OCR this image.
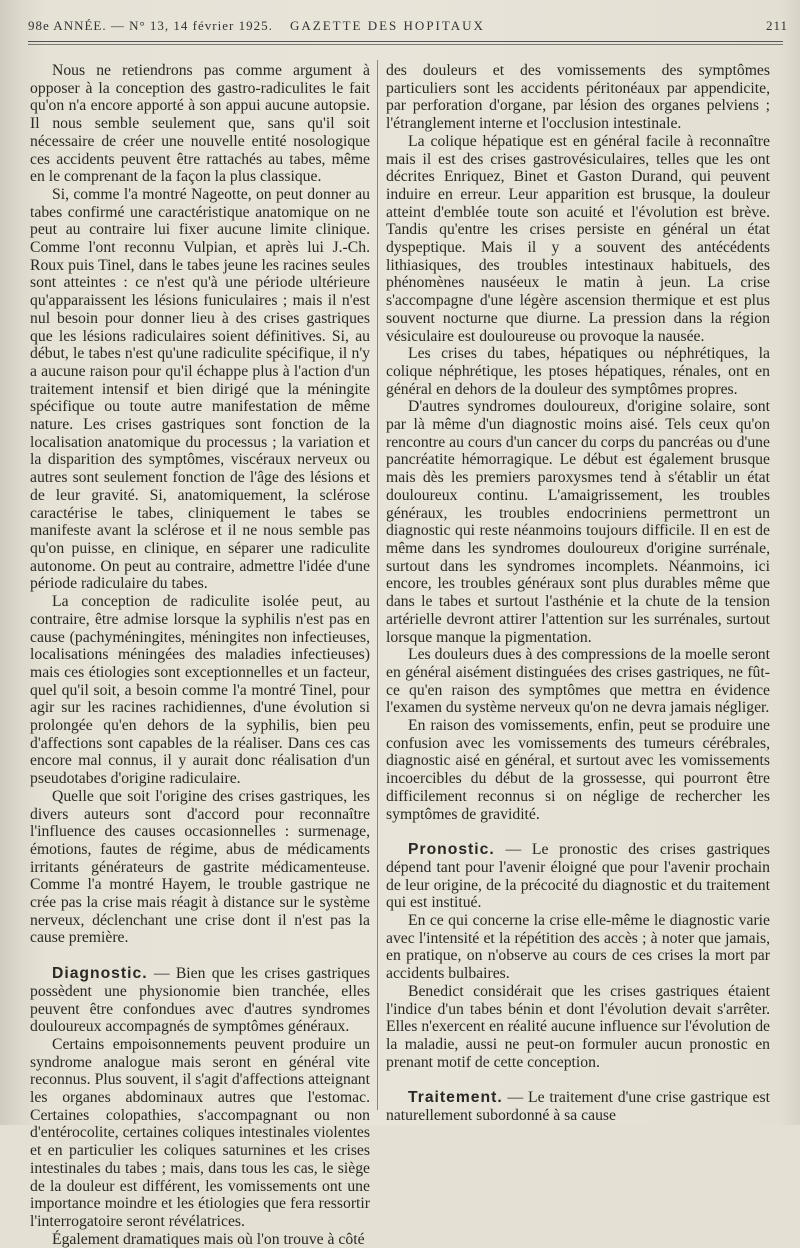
98e ANNÉE. — N° 13, 14 février 1925. GAZETTE DES HOPITAUX	211

Nous ne retiendrons pas comme argument à opposer à la conception des gastro-radiculites le fait qu'on n'a encore apporté à son appui aucune autopsie. Il nous semble seulement que, sans qu'il soit nécessaire de créer une nouvelle entité nosologique ces accidents peuvent être rattachés au tabes, même en le comprenant de la façon la plus classique.

Si, comme l'a montré Nageotte, on peut donner au tabes confirmé une caractéristique anatomique on ne peut au contraire lui fixer aucune limite clinique. Comme l'ont reconnu Vulpian, et après lui J.-Ch. Roux puis Tinel, dans le tabes jeune les racines seules sont atteintes : ce n'est qu'à une période ultérieure qu'apparaissent les lésions funiculaires ; mais il n'est nul besoin pour donner lieu à des crises gastriques que les lésions radiculaires soient définitives. Si, au début, le tabes n'est qu'une radiculite spécifique, il n'y a aucune raison pour qu'il échappe plus à l'action d'un traitement intensif et bien dirigé que la méningite spécifique ou toute autre manifestation de même nature. Les crises gastriques sont fonction de la localisation anatomique du processus ; la variation et la disparition des symptômes, viscéraux nerveux ou autres sont seulement fonction de l'âge des lésions et de leur gravité. Si, anatomiquement, la sclérose caractérise le tabes, cliniquement le tabes se manifeste avant la sclérose et il ne nous semble pas qu'on puisse, en clinique, en séparer une radiculite autonome. On peut au contraire, admettre l'idée d'une période radiculaire du tabes.

La conception de radiculite isolée peut, au contraire, être admise lorsque la syphilis n'est pas en cause (pachyméningites, méningites non infectieuses, localisations méningées des maladies infectieuses) mais ces étiologies sont exceptionnelles et un facteur, quel qu'il soit, a besoin comme l'a montré Tinel, pour agir sur les racines rachidiennes, d'une évolution si prolongée qu'en dehors de la syphilis, bien peu d'affections sont capables de la réaliser. Dans ces cas encore mal connus, il y aurait donc réalisation d'un pseudotabes d'origine radiculaire.

Quelle que soit l'origine des crises gastriques, les divers auteurs sont d'accord pour reconnaître l'influence des causes occasionnelles : surmenage, émotions, fautes de régime, abus de médicaments irritants générateurs de gastrite médicamenteuse. Comme l'a montré Hayem, le trouble gastrique ne crée pas la crise mais réagit à distance sur le système nerveux, déclenchant une crise dont il n'est pas la cause première.

Diagnostic. — Bien que les crises gastriques possèdent une physionomie bien tranchée, elles peuvent être confondues avec d'autres syndromes douloureux accompagnés de symptômes généraux.

Certains empoisonnements peuvent produire un syndrome analogue mais seront en général vite reconnus. Plus souvent, il s'agit d'affections atteignant les organes abdominaux autres que l'estomac. Certaines colopathies, s'accompagnant ou non d'entérocolite, certaines coliques intestinales violentes et en particulier les coliques saturnines et les crises intestinales du tabes ; mais, dans tous les cas, le siège de la douleur est différent, les vomissements ont une importance moindre et les étiologies que fera ressortir l'interrogatoire seront révélatrices.

Également dramatiques mais où l'on trouve à côté

des douleurs et des vomissements des symptômes particuliers sont les accidents péritonéaux par appendicite, par perforation d'organe, par lésion des organes pelviens ; l'étranglement interne et l'occlusion intestinale.

La colique hépatique est en général facile à reconnaître mais il est des crises gastrovésiculaires, telles que les ont décrites Enriquez, Binet et Gaston Durand, qui peuvent induire en erreur. Leur apparition est brusque, la douleur atteint d'emblée toute son acuité et l'évolution est brève. Tandis qu'entre les crises persiste en général un état dyspeptique. Mais il y a souvent des antécédents lithiasiques, des troubles intestinaux habituels, des phénomènes nauséeux le matin à jeun. La crise s'accompagne d'une légère ascension thermique et est plus souvent nocturne que diurne. La pression dans la région vésiculaire est douloureuse ou provoque la nausée.

Les crises du tabes, hépatiques ou néphrétiques, la colique néphrétique, les ptoses hépatiques, rénales, ont en général en dehors de la douleur des symptômes propres.

D'autres syndromes douloureux, d'origine solaire, sont par là même d'un diagnostic moins aisé. Tels ceux qu'on rencontre au cours d'un cancer du corps du pancréas ou d'une pancréatite hémorragique. Le début est également brusque mais dès les premiers paroxysmes tend à s'établir un état douloureux continu. L'amaigrissement, les troubles généraux, les troubles endocriniens permettront un diagnostic qui reste néanmoins toujours difficile. Il en est de même dans les syndromes douloureux d'origine surrénale, surtout dans les syndromes incomplets. Néanmoins, ici encore, les troubles généraux sont plus durables même que dans le tabes et surtout l'asthénie et la chute de la tension artérielle devront attirer l'attention sur les surrénales, surtout lorsque manque la pigmentation.

Les douleurs dues à des compressions de la moelle seront en général aisément distinguées des crises gastriques, ne fût-ce qu'en raison des symptômes que mettra en évidence l'examen du système nerveux qu'on ne devra jamais négliger.

En raison des vomissements, enfin, peut se produire une confusion avec les vomissements des tumeurs cérébrales, diagnostic aisé en général, et surtout avec les vomissements incoercibles du début de la grossesse, qui pourront être difficilement reconnus si on néglige de rechercher les symptômes de gravidité.

Pronostic. — Le pronostic des crises gastriques dépend tant pour l'avenir éloigné que pour l'avenir prochain de leur origine, de la précocité du diagnostic et du traitement qui est institué.

En ce qui concerne la crise elle-même le diagnostic varie avec l'intensité et la répétition des accès ; à noter que jamais, en pratique, on n'observe au cours de ces crises la mort par accidents bulbaires.

Benedict considérait que les crises gastriques étaient l'indice d'un tabes bénin et dont l'évolution devait s'arrêter. Elles n'exercent en réalité aucune influence sur l'évolution de la maladie, aussi ne peut-on formuler aucun pronostic en prenant motif de cette conception.

Traitement. — Le traitement d'une crise gastrique est naturellement subordonné à sa cause
